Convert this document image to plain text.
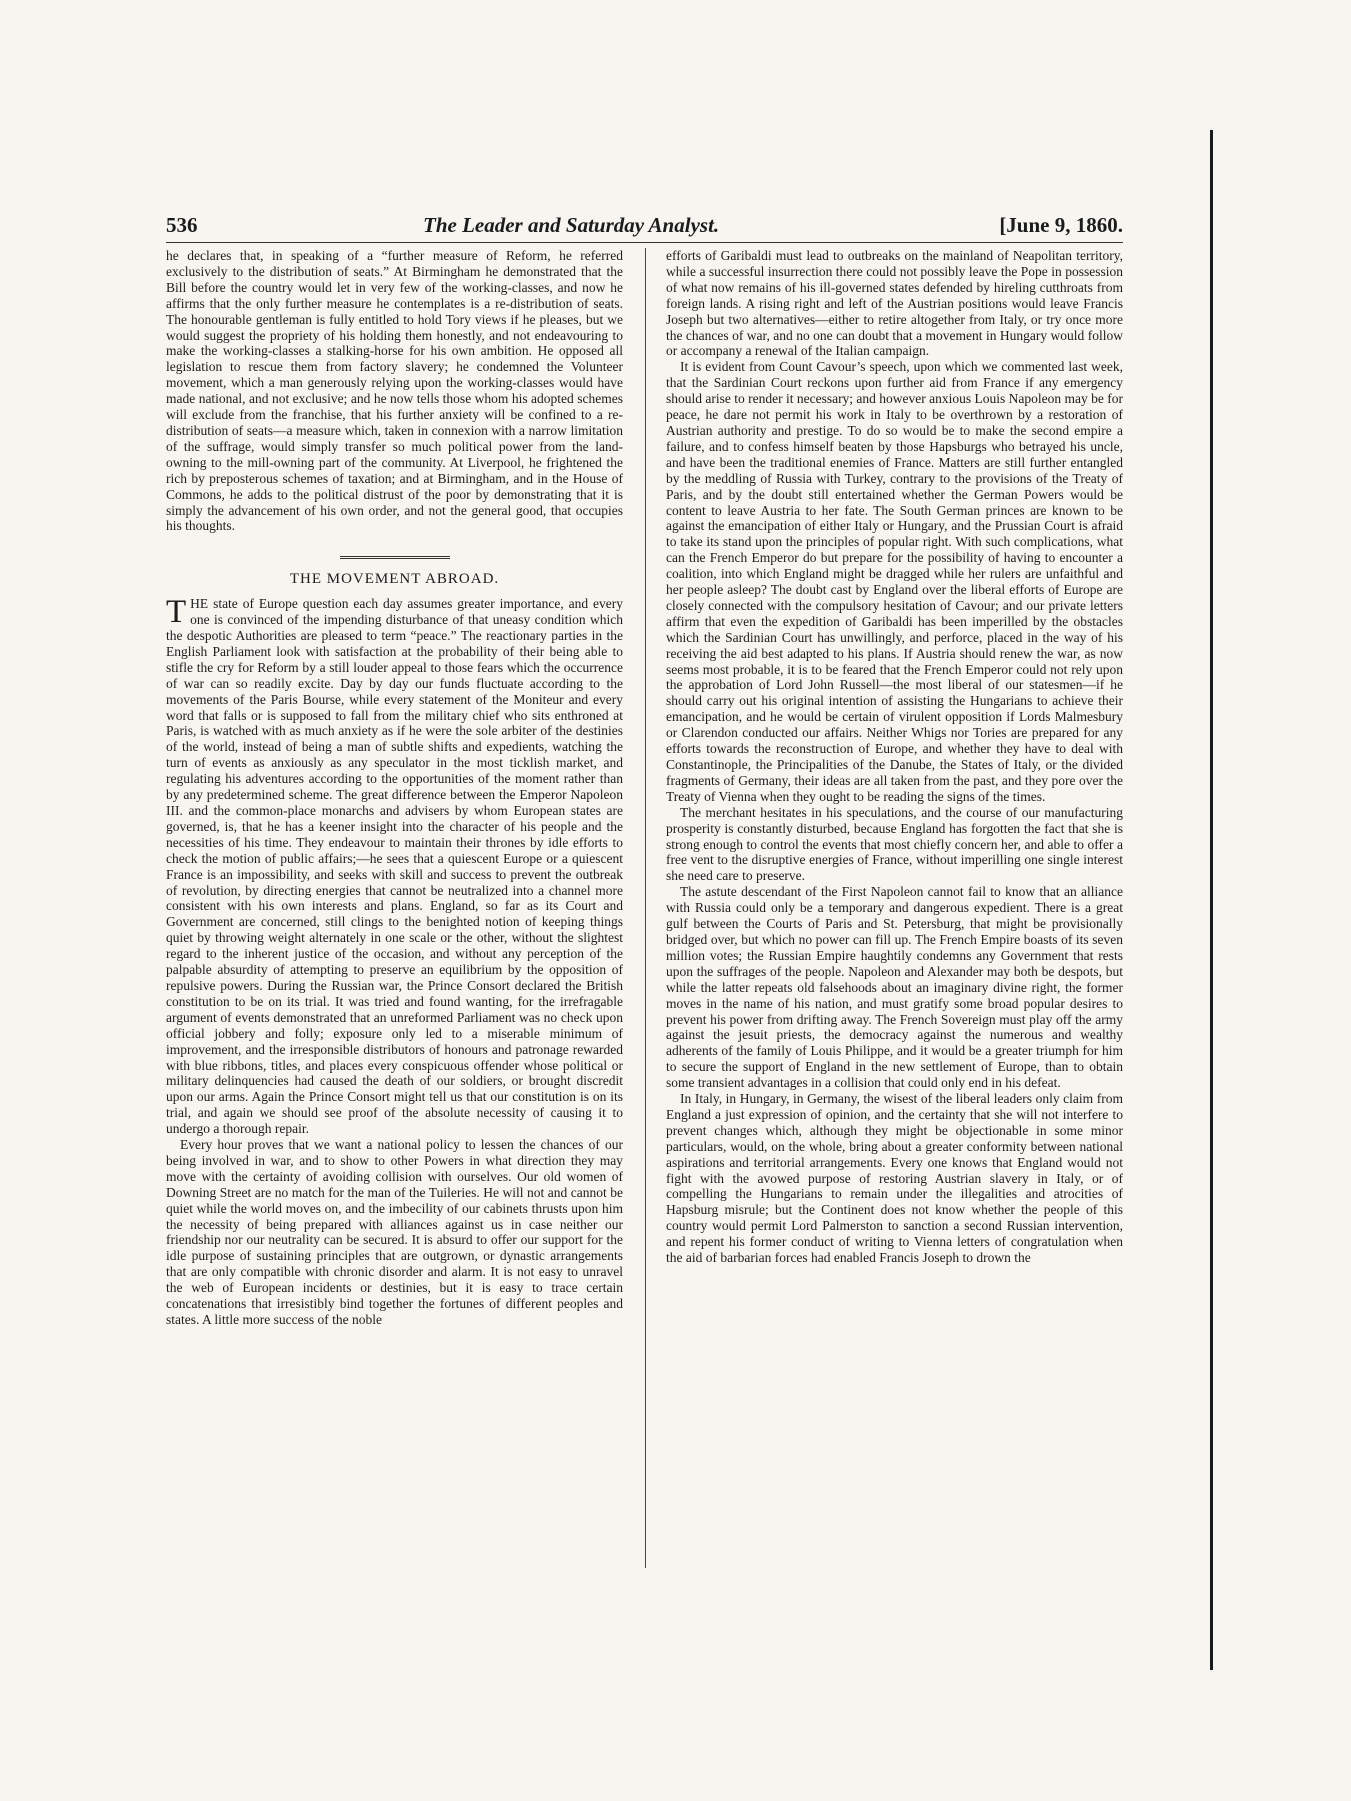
536	The Leader and Saturday Analyst.	[June 9, 1860.

he declares that, in speaking of a “further measure of Reform, he referred exclusively to the distribution of seats.” At Birmingham he demonstrated that the Bill before the country would let in very few of the working-classes, and now he affirms that the only further measure he contemplates is a re-distribution of seats. The honourable gentleman is fully entitled to hold Tory views if he pleases, but we would suggest the propriety of his holding them honestly, and not endeavouring to make the working-classes a stalking-horse for his own ambition. He opposed all legislation to rescue them from factory slavery; he condemned the Volunteer movement, which a man generously relying upon the working-classes would have made national, and not exclusive; and he now tells those whom his adopted schemes will exclude from the franchise, that his further anxiety will be confined to a re-distribution of seats—a measure which, taken in connexion with a narrow limitation of the suffrage, would simply transfer so much political power from the land-owning to the mill-owning part of the community. At Liverpool, he frightened the rich by preposterous schemes of taxation; and at Birmingham, and in the House of Commons, he adds to the political distrust of the poor by demonstrating that it is simply the advancement of his own order, and not the general good, that occupies his thoughts.

THE MOVEMENT ABROAD.

THE state of Europe question each day assumes greater importance, and every one is convinced of the impending disturbance of that uneasy condition which the despotic Authorities are pleased to term “peace.” The reactionary parties in the English Parliament look with satisfaction at the probability of their being able to stifle the cry for Reform by a still louder appeal to those fears which the occurrence of war can so readily excite. Day by day our funds fluctuate according to the movements of the Paris Bourse, while every statement of the Moniteur and every word that falls or is supposed to fall from the military chief who sits enthroned at Paris, is watched with as much anxiety as if he were the sole arbiter of the destinies of the world, instead of being a man of subtle shifts and expedients, watching the turn of events as anxiously as any speculator in the most ticklish market, and regulating his adventures according to the opportunities of the moment rather than by any predetermined scheme. The great difference between the Emperor Napoleon III. and the common-place monarchs and advisers by whom European states are governed, is, that he has a keener insight into the character of his people and the necessities of his time. They endeavour to maintain their thrones by idle efforts to check the motion of public affairs;—he sees that a quiescent Europe or a quiescent France is an impossibility, and seeks with skill and success to prevent the outbreak of revolution, by directing energies that cannot be neutralized into a channel more consistent with his own interests and plans. England, so far as its Court and Government are concerned, still clings to the benighted notion of keeping things quiet by throwing weight alternately in one scale or the other, without the slightest regard to the inherent justice of the occasion, and without any perception of the palpable absurdity of attempting to preserve an equilibrium by the opposition of repulsive powers. During the Russian war, the Prince Consort declared the British constitution to be on its trial. It was tried and found wanting, for the irrefragable argument of events demonstrated that an unreformed Parliament was no check upon official jobbery and folly; exposure only led to a miserable minimum of improvement, and the irresponsible distributors of honours and patronage rewarded with blue ribbons, titles, and places every conspicuous offender whose political or military delinquencies had caused the death of our soldiers, or brought discredit upon our arms. Again the Prince Consort might tell us that our constitution is on its trial, and again we should see proof of the absolute necessity of causing it to undergo a thorough repair.

Every hour proves that we want a national policy to lessen the chances of our being involved in war, and to show to other Powers in what direction they may move with the certainty of avoiding collision with ourselves. Our old women of Downing Street are no match for the man of the Tuileries. He will not and cannot be quiet while the world moves on, and the imbecility of our cabinets thrusts upon him the necessity of being prepared with alliances against us in case neither our friendship nor our neutrality can be secured. It is absurd to offer our support for the idle purpose of sustaining principles that are outgrown, or dynastic arrangements that are only compatible with chronic disorder and alarm. It is not easy to unravel the web of European incidents or destinies, but it is easy to trace certain concatenations that irresistibly bind together the fortunes of different peoples and states. A little more success of the noble

efforts of Garibaldi must lead to outbreaks on the mainland of Neapolitan territory, while a successful insurrection there could not possibly leave the Pope in possession of what now remains of his ill-governed states defended by hireling cutthroats from foreign lands. A rising right and left of the Austrian positions would leave Francis Joseph but two alternatives—either to retire altogether from Italy, or try once more the chances of war, and no one can doubt that a movement in Hungary would follow or accompany a renewal of the Italian campaign.

It is evident from Count Cavour’s speech, upon which we commented last week, that the Sardinian Court reckons upon further aid from France if any emergency should arise to render it necessary; and however anxious Louis Napoleon may be for peace, he dare not permit his work in Italy to be overthrown by a restoration of Austrian authority and prestige. To do so would be to make the second empire a failure, and to confess himself beaten by those Hapsburgs who betrayed his uncle, and have been the traditional enemies of France. Matters are still further entangled by the meddling of Russia with Turkey, contrary to the provisions of the Treaty of Paris, and by the doubt still entertained whether the German Powers would be content to leave Austria to her fate. The South German princes are known to be against the emancipation of either Italy or Hungary, and the Prussian Court is afraid to take its stand upon the principles of popular right. With such complications, what can the French Emperor do but prepare for the possibility of having to encounter a coalition, into which England might be dragged while her rulers are unfaithful and her people asleep? The doubt cast by England over the liberal efforts of Europe are closely connected with the compulsory hesitation of Cavour; and our private letters affirm that even the expedition of Garibaldi has been imperilled by the obstacles which the Sardinian Court has unwillingly, and perforce, placed in the way of his receiving the aid best adapted to his plans. If Austria should renew the war, as now seems most probable, it is to be feared that the French Emperor could not rely upon the approbation of Lord John Russell—the most liberal of our statesmen—if he should carry out his original intention of assisting the Hungarians to achieve their emancipation, and he would be certain of virulent opposition if Lords Malmesbury or Clarendon conducted our affairs. Neither Whigs nor Tories are prepared for any efforts towards the reconstruction of Europe, and whether they have to deal with Constantinople, the Principalities of the Danube, the States of Italy, or the divided fragments of Germany, their ideas are all taken from the past, and they pore over the Treaty of Vienna when they ought to be reading the signs of the times.

The merchant hesitates in his speculations, and the course of our manufacturing prosperity is constantly disturbed, because England has forgotten the fact that she is strong enough to control the events that most chiefly concern her, and able to offer a free vent to the disruptive energies of France, without imperilling one single interest she need care to preserve.

The astute descendant of the First Napoleon cannot fail to know that an alliance with Russia could only be a temporary and dangerous expedient. There is a great gulf between the Courts of Paris and St. Petersburg, that might be provisionally bridged over, but which no power can fill up. The French Empire boasts of its seven million votes; the Russian Empire haughtily condemns any Government that rests upon the suffrages of the people. Napoleon and Alexander may both be despots, but while the latter repeats old falsehoods about an imaginary divine right, the former moves in the name of his nation, and must gratify some broad popular desires to prevent his power from drifting away. The French Sovereign must play off the army against the jesuit priests, the democracy against the numerous and wealthy adherents of the family of Louis Philippe, and it would be a greater triumph for him to secure the support of England in the new settlement of Europe, than to obtain some transient advantages in a collision that could only end in his defeat.

In Italy, in Hungary, in Germany, the wisest of the liberal leaders only claim from England a just expression of opinion, and the certainty that she will not interfere to prevent changes which, although they might be objectionable in some minor particulars, would, on the whole, bring about a greater conformity between national aspirations and territorial arrangements. Every one knows that England would not fight with the avowed purpose of restoring Austrian slavery in Italy, or of compelling the Hungarians to remain under the illegalities and atrocities of Hapsburg misrule; but the Continent does not know whether the people of this country would permit Lord Palmerston to sanction a second Russian intervention, and repent his former conduct of writing to Vienna letters of congratulation when the aid of barbarian forces had enabled Francis Joseph to drown the
